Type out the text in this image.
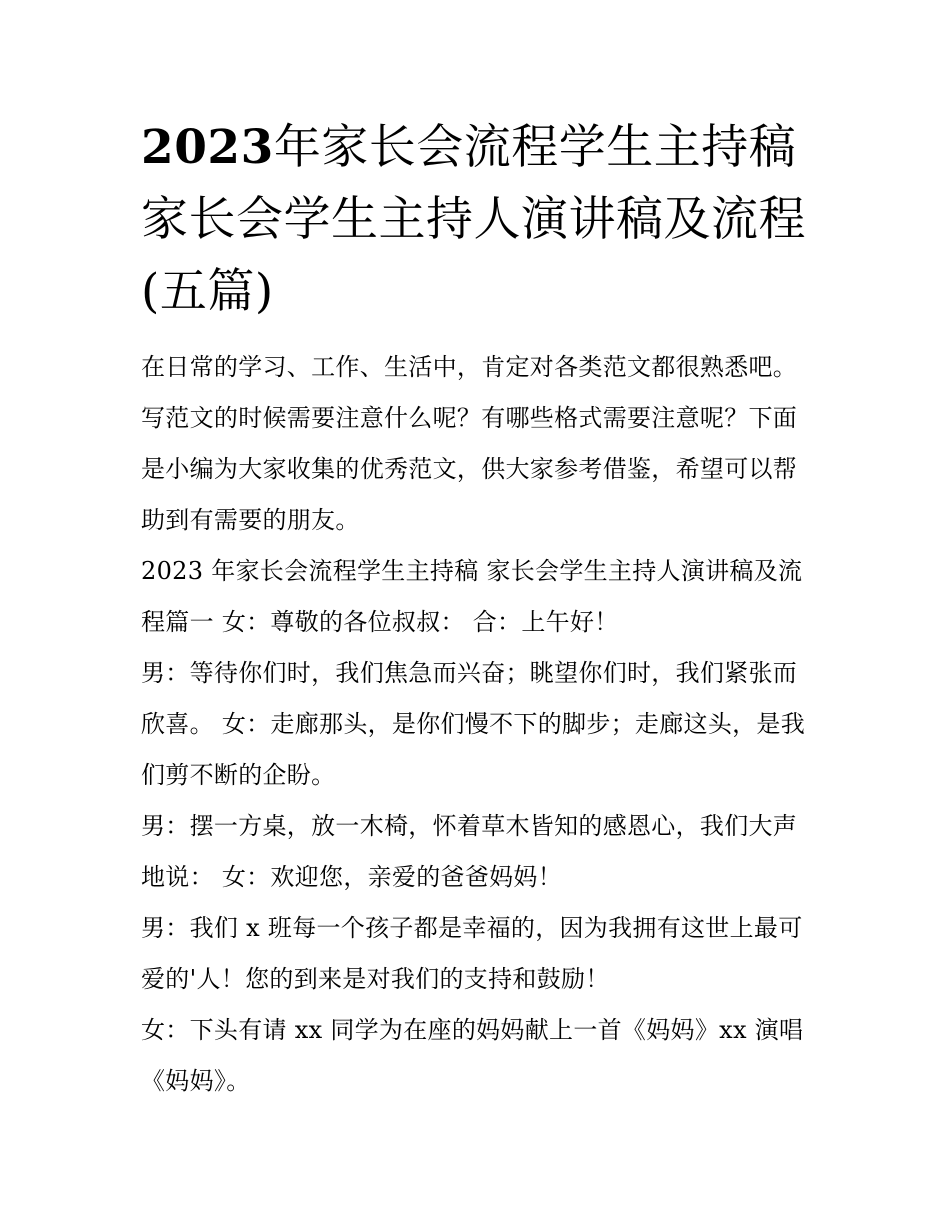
2023年家长会流程学生主持稿家长会学生主持人演讲稿及流程(五篇)

在日常的学习、工作、生活中，肯定对各类范文都很熟悉吧。写范文的时候需要注意什么呢？有哪些格式需要注意呢？下面是小编为大家收集的优秀范文，供大家参考借鉴，希望可以帮助到有需要的朋友。

2023 年家长会流程学生主持稿 家长会学生主持人演讲稿及流程篇一 女：尊敬的各位叔叔： 合：上午好！

男：等待你们时，我们焦急而兴奋；眺望你们时，我们紧张而欣喜。 女：走廊那头，是你们慢不下的脚步；走廊这头，是我们剪不断的企盼。

男：摆一方桌，放一木椅，怀着草木皆知的感恩心，我们大声地说： 女：欢迎您，亲爱的爸爸妈妈！

男：我们 x 班每一个孩子都是幸福的，因为我拥有这世上最可爱的'人！您的到来是对我们的支持和鼓励！

女：下头有请 xx 同学为在座的妈妈献上一首《妈妈》xx 演唱《妈妈》。
